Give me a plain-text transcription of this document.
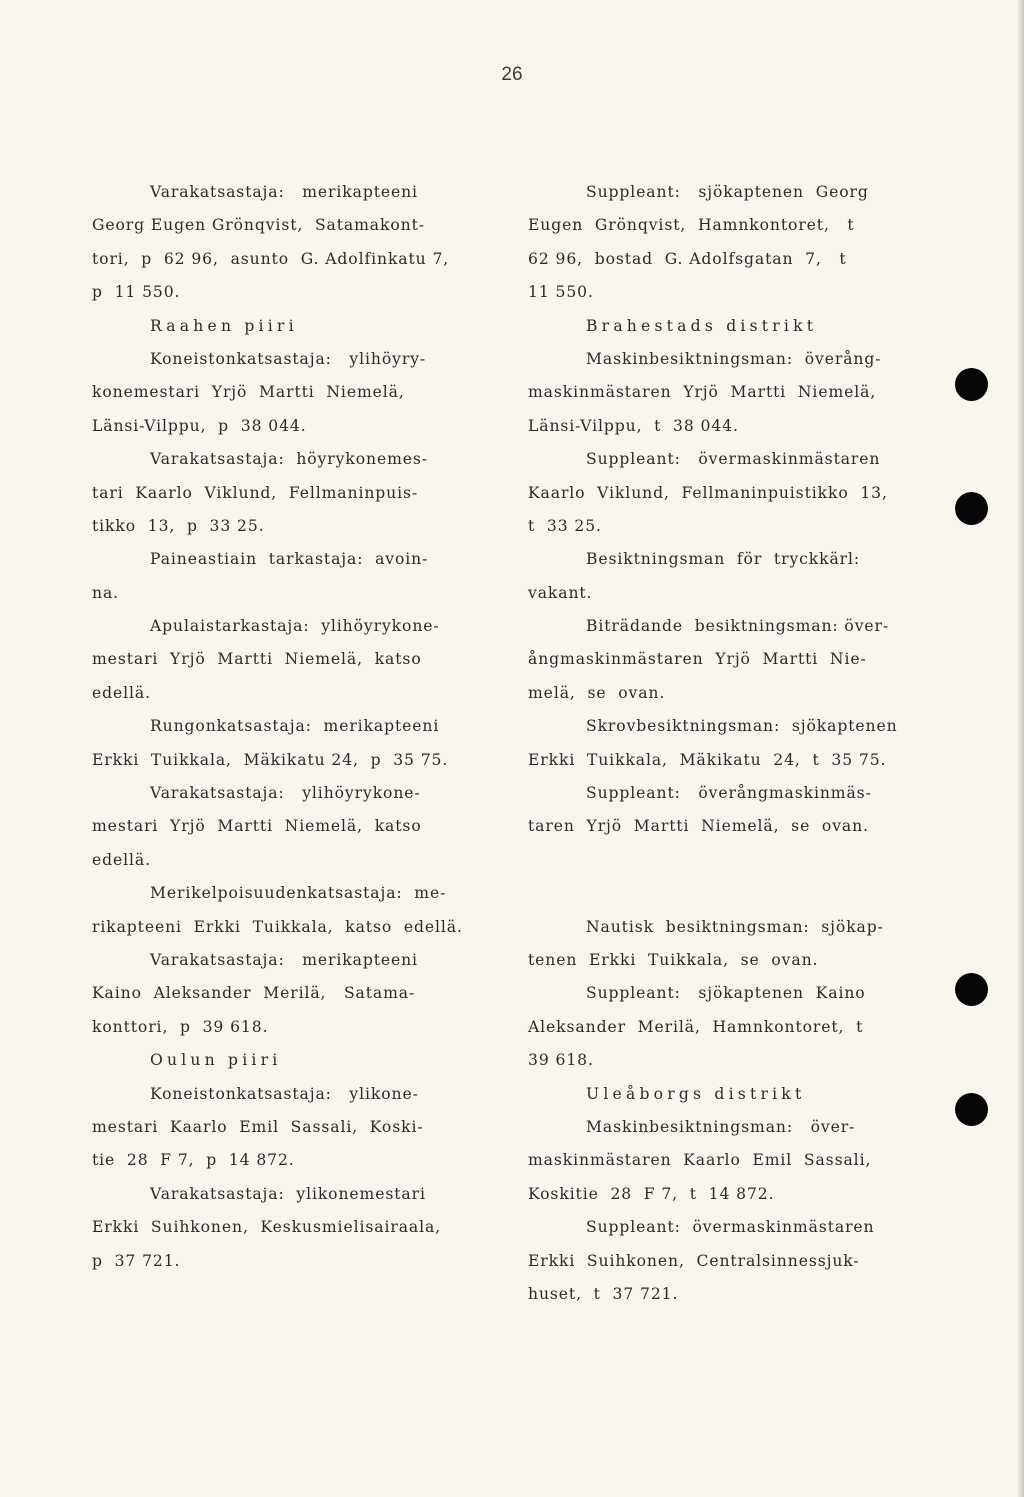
26
Varakatsastaja:   merikapteeni
Georg Eugen Grönqvist,  Satamakont-
tori,  p  62 96,  asunto  G. Adolfinkatu 7,
p  11 550.
Raahen piiri
Koneistonkatsastaja:   ylihöyry-
konemestari  Yrjö  Martti  Niemelä,
Länsi-Vilppu,  p  38 044.
Varakatsastaja:  höyrykonemes-
tari  Kaarlo  Viklund,  Fellmaninpuis-
tikko  13,  p  33 25.
Paineastiain  tarkastaja:  avoin-
na.
Apulaistarkastaja:  ylihöyrykone-
mestari  Yrjö  Martti  Niemelä,  katso
edellä.
Rungonkatsastaja:  merikapteeni
Erkki  Tuikkala,  Mäkikatu 24,  p  35 75.
Varakatsastaja:   ylihöyrykone-
mestari  Yrjö  Martti  Niemelä,  katso
edellä.
Merikelpoisuudenkatsastaja:  me-
rikapteeni  Erkki  Tuikkala,  katso  edellä.
Varakatsastaja:   merikapteeni
Kaino  Aleksander  Merilä,   Satama-
konttori,  p  39 618.
Oulun piiri
Koneistonkatsastaja:   ylikone-
mestari  Kaarlo  Emil  Sassali,  Koski-
tie  28  F 7,  p  14 872.
Varakatsastaja:  ylikonemestari
Erkki  Suihkonen,  Keskusmielisairaala,
p  37 721.
Suppleant:   sjökaptenen  Georg
Eugen  Grönqvist,  Hamnkontoret,   t
62 96,  bostad  G. Adolfsgatan  7,   t
11 550.
Brahestads distrikt
Maskinbesiktningsman:  överång-
maskinmästaren  Yrjö  Martti  Niemelä,
Länsi-Vilppu,  t  38 044.
Suppleant:   övermaskinmästaren
Kaarlo  Viklund,  Fellmaninpuistikko  13,
t  33 25.
Besiktningsman  för  tryckkärl:
vakant.
Biträdande  besiktningsman: över-
ångmaskinmästaren  Yrjö  Martti  Nie-
melä,  se  ovan.
Skrovbesiktningsman:  sjökaptenen
Erkki  Tuikkala,  Mäkikatu  24,  t  35 75.
Suppleant:   överångmaskinmäs-
taren  Yrjö  Martti  Niemelä,  se  ovan.
Nautisk  besiktningsman:  sjökap-
tenen  Erkki  Tuikkala,  se  ovan.
Suppleant:   sjökaptenen  Kaino
Aleksander  Merilä,  Hamnkontoret,  t
39 618.
Uleåborgs distrikt
Maskinbesiktningsman:   över-
maskinmästaren  Kaarlo  Emil  Sassali,
Koskitie  28  F 7,  t  14 872.
Suppleant:  övermaskinmästaren
Erkki  Suihkonen,  Centralsinnessjuk-
huset,  t  37 721.
